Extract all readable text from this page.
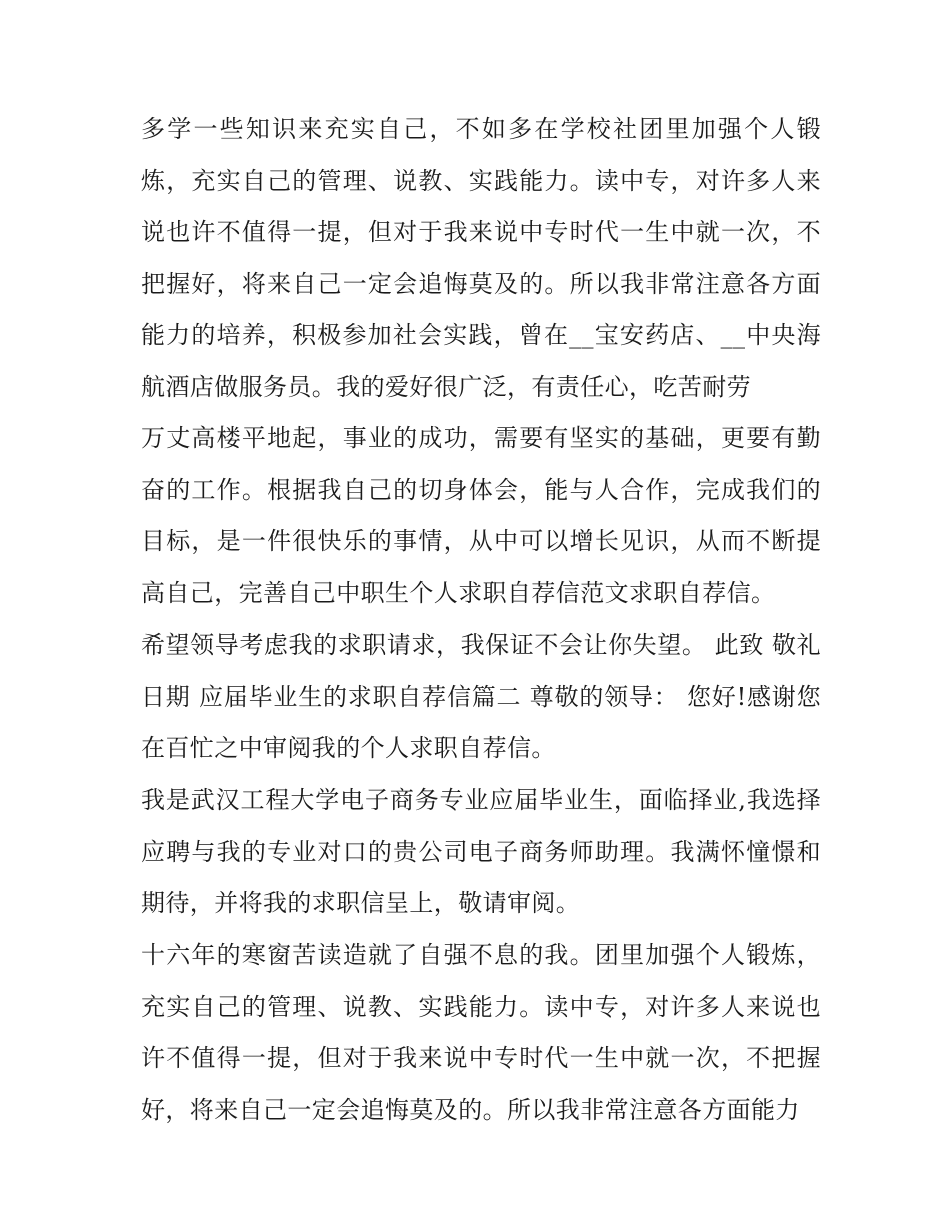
多学一些知识来充实自己，不如多在学校社团里加强个人锻炼，充实自己的管理、说教、实践能力。读中专，对许多人来说也许不值得一提，但对于我来说中专时代一生中就一次，不把握好，将来自己一定会追悔莫及的。所以我非常注意各方面能力的培养，积极参加社会实践，曾在__宝安药店、__中央海航酒店做服务员。我的爱好很广泛，有责任心，吃苦耐劳

万丈高楼平地起，事业的成功，需要有坚实的基础，更要有勤奋的工作。根据我自己的切身体会，能与人合作，完成我们的目标，是一件很快乐的事情，从中可以增长见识，从而不断提高自己，完善自己中职生个人求职自荐信范文求职自荐信。

希望领导考虑我的求职请求，我保证不会让你失望。 此致 敬礼 日期 应届毕业生的求职自荐信篇二 尊敬的领导： 您好!感谢您在百忙之中审阅我的个人求职自荐信。

我是武汉工程大学电子商务专业应届毕业生，面临择业,我选择应聘与我的专业对口的贵公司电子商务师助理。我满怀憧憬和期待，并将我的求职信呈上，敬请审阅。

十六年的寒窗苦读造就了自强不息的我。团里加强个人锻炼，充实自己的管理、说教、实践能力。读中专，对许多人来说也许不值得一提，但对于我来说中专时代一生中就一次，不把握好，将来自己一定会追悔莫及的。所以我非常注意各方面能力
